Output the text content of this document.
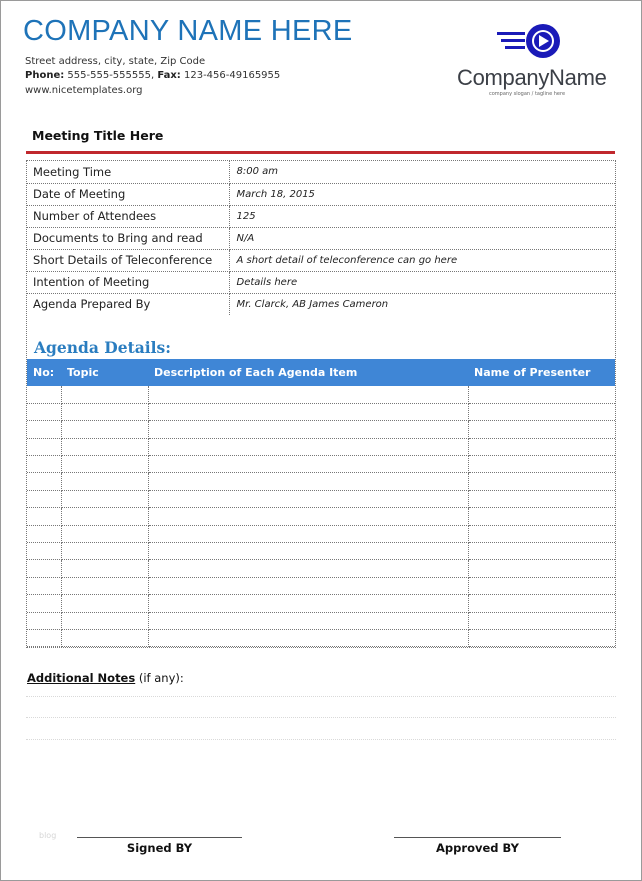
COMPANY NAME HERE
Street address, city, state, Zip Code
Phone: 555-555-555555, Fax: 123-456-49165955
www.nicetemplates.org
CompanyName
company slogan / tagline here
Meeting Title Here
Meeting Time	8:00 am
Date of Meeting	March 18, 2015
Number of Attendees	125
Documents to Bring and read	N/A
Short Details of Teleconference	A short detail of teleconference can go here
Intention of Meeting	Details here
Agenda Prepared By	Mr. Clarck, AB James Cameron
Agenda Details:
No:	Topic	Description of Each Agenda Item	Name of Presenter

Additional Notes (if any):
blog
Signed BY	Approved BY
